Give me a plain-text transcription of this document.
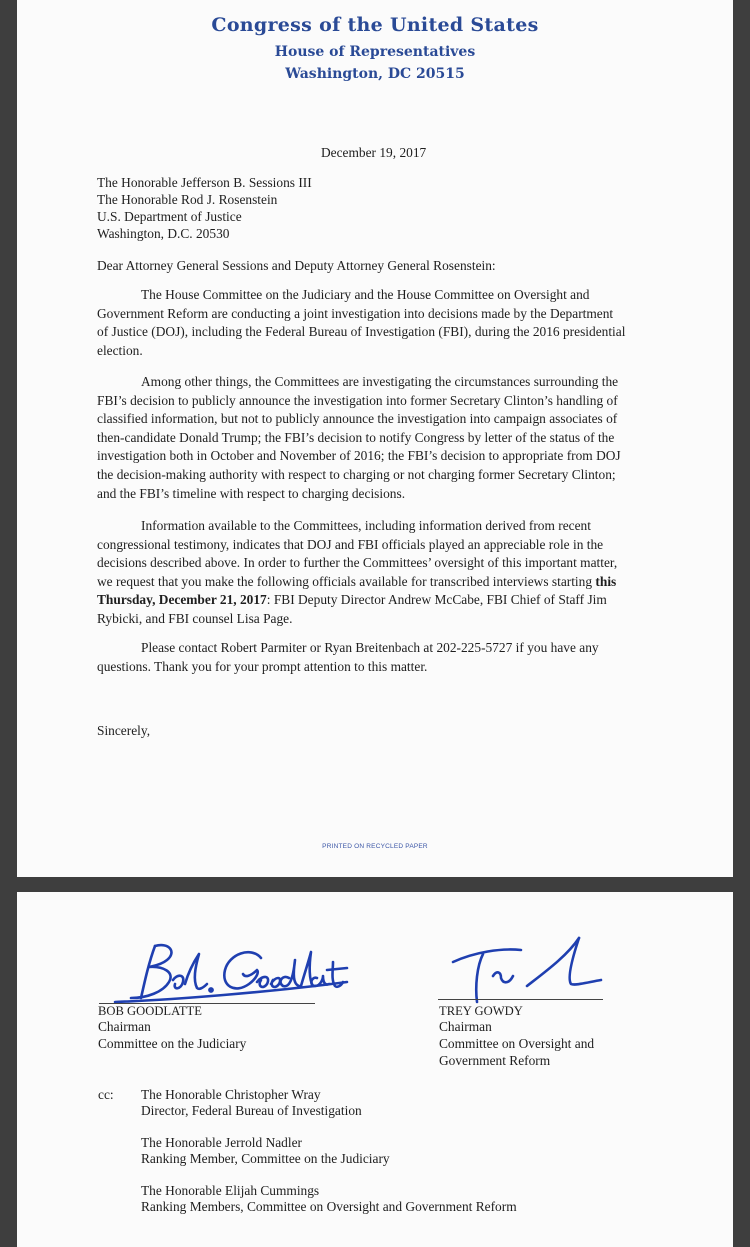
Congress of the United States
House of Representatives
Washington, DC 20515

December 19, 2017

The Honorable Jefferson B. Sessions III

The Honorable Rod J. Rosenstein

U.S. Department of Justice

Washington, D.C. 20530

Dear Attorney General Sessions and Deputy Attorney General Rosenstein:

The House Committee on the Judiciary and the House Committee on Oversight and Government Reform are conducting a joint investigation into decisions made by the Department of Justice (DOJ), including the Federal Bureau of Investigation (FBI), during the 2016 presidential election.

Among other things, the Committees are investigating the circumstances surrounding the FBI’s decision to publicly announce the investigation into former Secretary Clinton’s handling of classified information, but not to publicly announce the investigation into campaign associates of then-candidate Donald Trump; the FBI’s decision to notify Congress by letter of the status of the investigation both in October and November of 2016; the FBI’s decision to appropriate from DOJ the decision-making authority with respect to charging or not charging former Secretary Clinton; and the FBI’s timeline with respect to charging decisions.

Information available to the Committees, including information derived from recent congressional testimony, indicates that DOJ and FBI officials played an appreciable role in the decisions described above. In order to further the Committees’ oversight of this important matter, we request that you make the following officials available for transcribed interviews starting this Thursday, December 21, 2017: FBI Deputy Director Andrew McCabe, FBI Chief of Staff Jim Rybicki, and FBI counsel Lisa Page.

Please contact Robert Parmiter or Ryan Breitenbach at 202-225-5727 if you have any questions. Thank you for your prompt attention to this matter.

Sincerely,

PRINTED ON RECYCLED PAPER

BOB GOODLATTE

Chairman

Committee on the Judiciary

TREY GOWDY

Chairman

Committee on Oversight and

Government Reform

cc: The Honorable Christopher Wray

Director, Federal Bureau of Investigation

The Honorable Jerrold Nadler

Ranking Member, Committee on the Judiciary

The Honorable Elijah Cummings

Ranking Members, Committee on Oversight and Government Reform
